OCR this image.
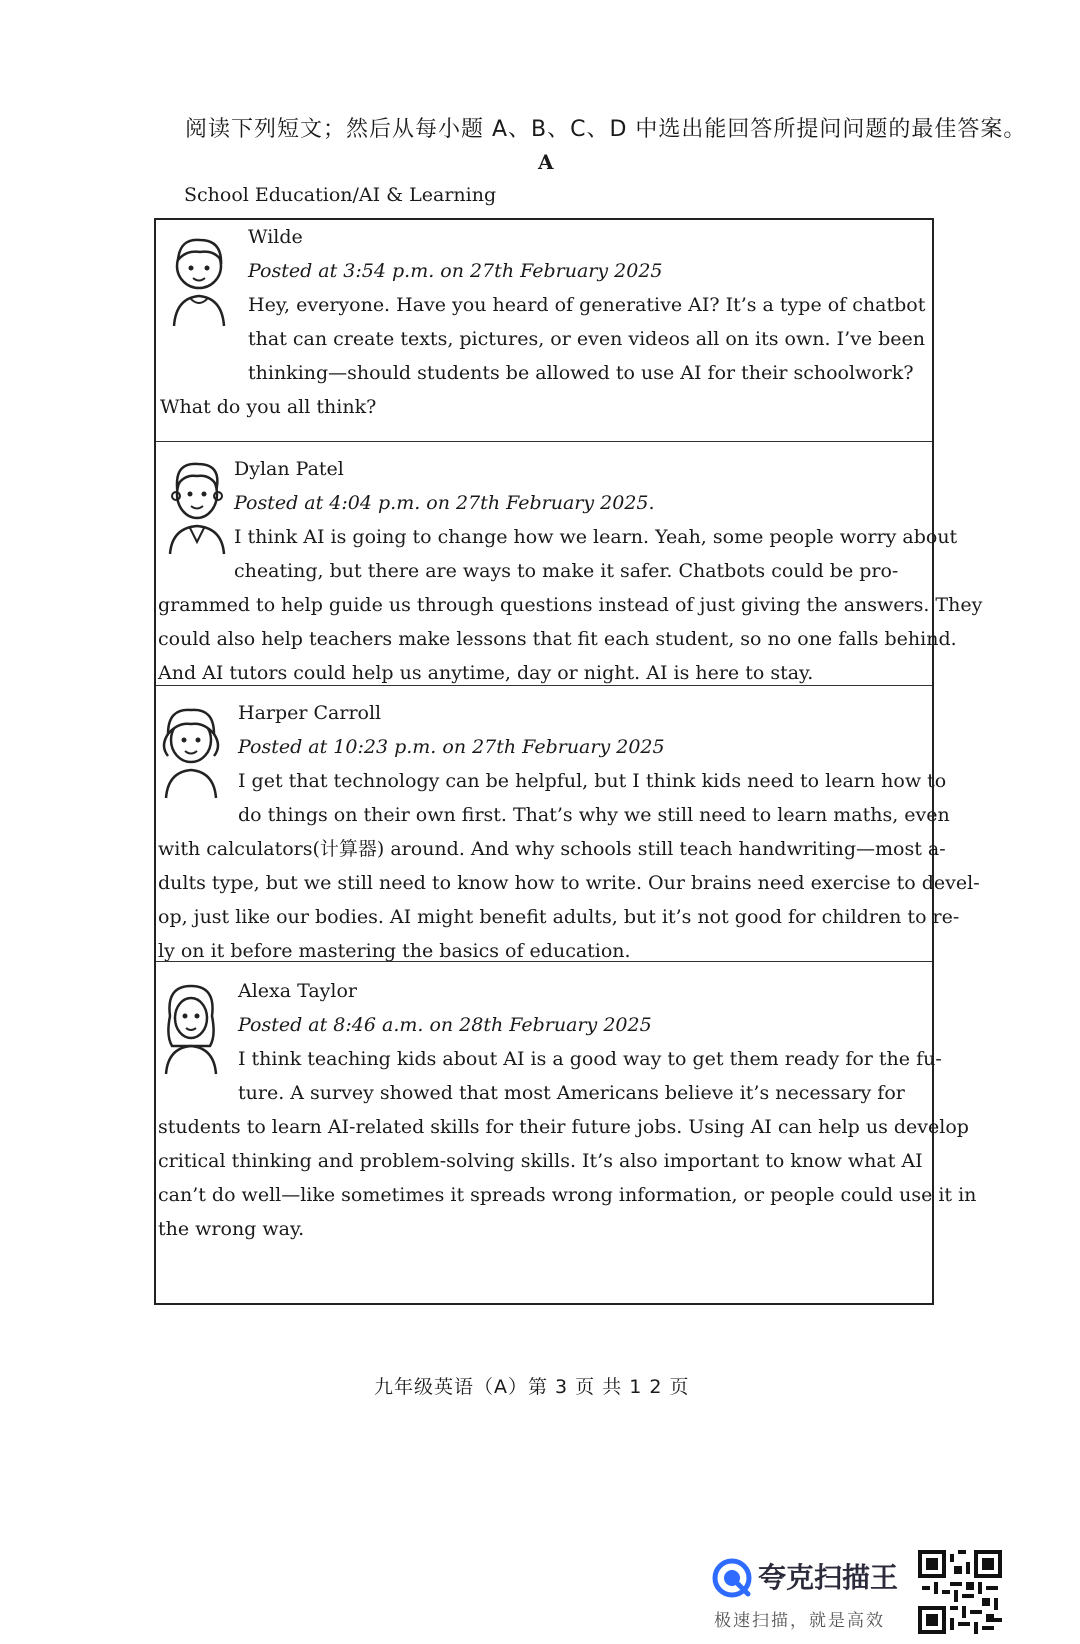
阅读下列短文；然后从每小题 A、B、C、D 中选出能回答所提问问题的最佳答案。
A
School Education/AI & Learning
Wilde
Posted at 3:54 p.m. on 27th February 2025
Hey, everyone. Have you heard of generative AI? It’s a type of chatbot
that can create texts, pictures, or even videos all on its own. I’ve been
thinking—should students be allowed to use AI for their schoolwork?
What do you all think?
Dylan Patel
Posted at 4:04 p.m. on 27th February 2025.
I think AI is going to change how we learn. Yeah, some people worry about
cheating, but there are ways to make it safer. Chatbots could be pro-
grammed to help guide us through questions instead of just giving the answers. They
could also help teachers make lessons that fit each student, so no one falls behind.
And AI tutors could help us anytime, day or night. AI is here to stay.
Harper Carroll
Posted at 10:23 p.m. on 27th February 2025
I get that technology can be helpful, but I think kids need to learn how to
do things on their own first. That’s why we still need to learn maths, even
with calculators(计算器) around. And why schools still teach handwriting—most a-
dults type, but we still need to know how to write. Our brains need exercise to devel-
op, just like our bodies. AI might benefit adults, but it’s not good for children to re-
ly on it before mastering the basics of education.
Alexa Taylor
Posted at 8:46 a.m. on 28th February 2025
I think teaching kids about AI is a good way to get them ready for the fu-
ture. A survey showed that most Americans believe it’s necessary for
students to learn AI-related skills for their future jobs. Using AI can help us develop
critical thinking and problem-solving skills. It’s also important to know what AI
can’t do well—like sometimes it spreads wrong information, or people could use it in
the wrong way.
九年级英语（A）第 3 页 共 1 2 页
夸克扫描王
极速扫描，就是高效
